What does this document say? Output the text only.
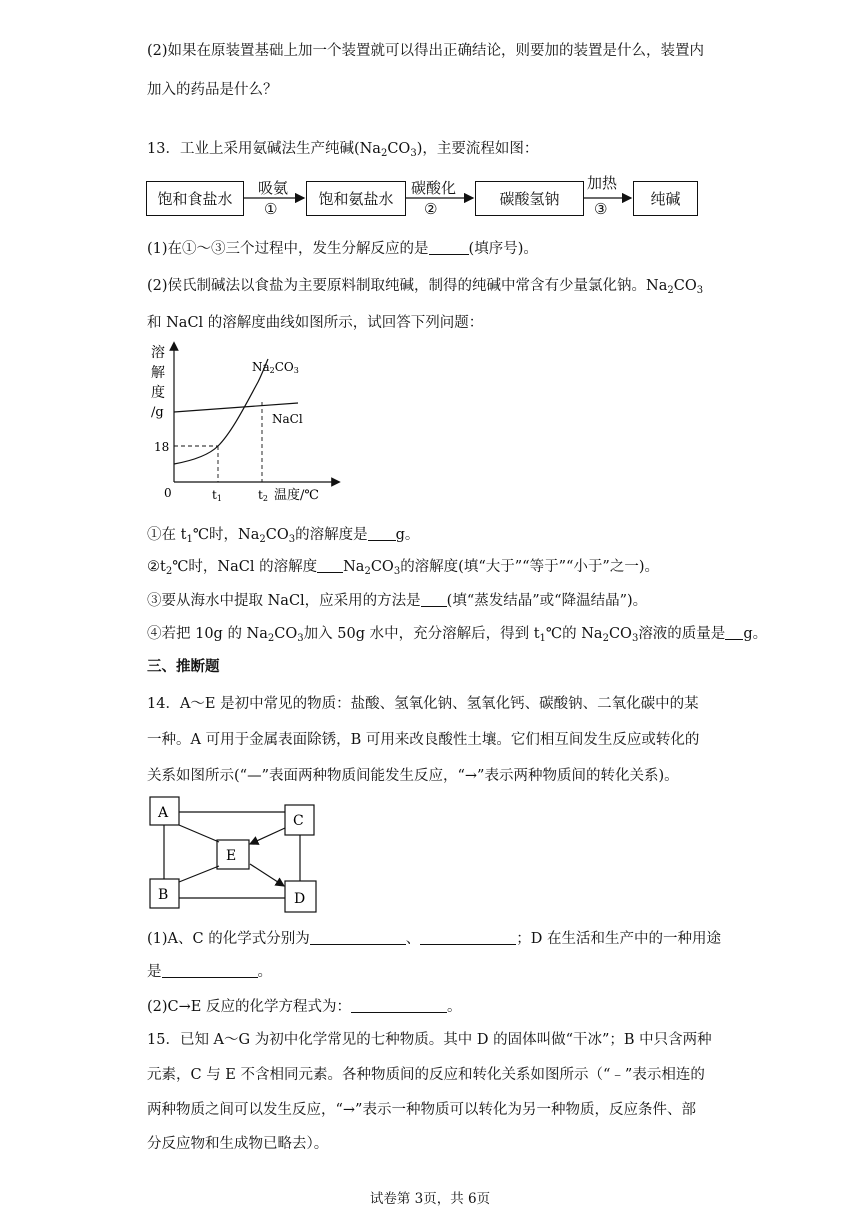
(2)如果在原装置基础上加一个装置就可以得出正确结论，则要加的装置是什么，装置内
加入的药品是什么？
13．工业上采用氨碱法生产纯碱$(Na_2CO_3)$，主要流程如图：
饱和食盐水	饱和氨盐水	碳酸氢钠	纯碱
吸氨
①
碳酸化
②
加热
③
(1)在①～③三个过程中，发生分解反应的是	(填序号)。
(2)侯氏制碱法以食盐为主要原料制取纯碱，制得的纯碱中常含有少量氯化钠。$Na_2CO_3$
和 NaCl 的溶解度曲线如图所示，试回答下列问题：
溶
解
度
/g
18
0	t1	t2 温度/℃
Na2CO3
NaCl
①在 $t_1℃$时，$Na_2CO_3$的溶解度是 g。
$②t_2℃$时，NaCl 的溶解度 $Na_2CO_3$的溶解度(填“大于”“等于”“小于”之一)。
③要从海水中提取 NaCl，应采用的方法是 (填“蒸发结晶”或“降温结晶”)。
④若把 10g 的 $Na_2CO_3$加入 50g 水中，充分溶解后，得到 $t_1℃$的 $Na_2CO_3$溶液的质量是 g。
三、推断题
14．A～E 是初中常见的物质：盐酸、氢氧化钠、氢氧化钙、碳酸钠、二氧化碳中的某
一种。A 可用于金属表面除锈，B 可用来改良酸性土壤。它们相互间发生反应或转化的
关系如图所示(“—”表面两种物质间能发生反应，“→”表示两种物质间的转化关系)。
A	C
E
B	D
(1)A、C 的化学式分别为	、	；D 在生活和生产中的一种用途
是	。
(2)C→E 反应的化学方程式为：	。
15．已知 A～G 为初中化学常见的七种物质。其中 D 的固体叫做“干冰”；B 中只含两种
元素，C 与 E 不含相同元素。各种物质间的反应和转化关系如图所示（“﹣”表示相连的
两种物质之间可以发生反应，“→”表示一种物质可以转化为另一种物质，反应条件、部
分反应物和生成物已略去）。
试卷第 3页，共 6页
